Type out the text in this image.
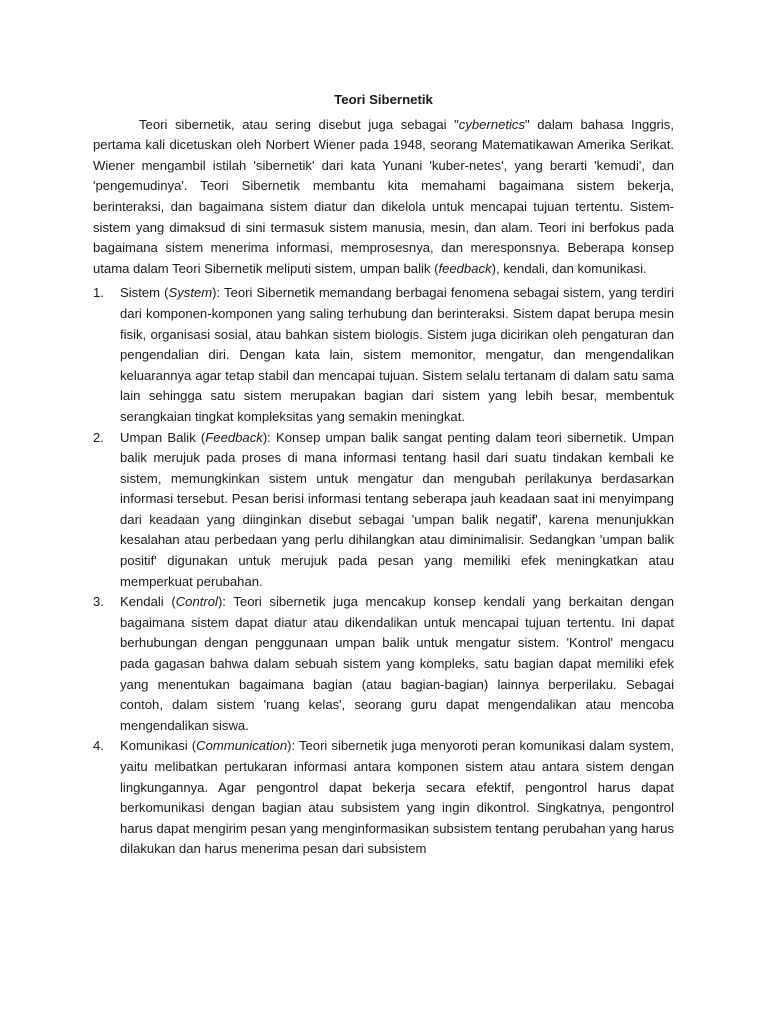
Teori Sibernetik

Teori sibernetik, atau sering disebut juga sebagai "cybernetics" dalam bahasa Inggris, pertama kali dicetuskan oleh Norbert Wiener pada 1948, seorang Matematikawan Amerika Serikat. Wiener mengambil istilah 'sibernetik' dari kata Yunani 'kuber-netes', yang berarti 'kemudi', dan 'pengemudinya'. Teori Sibernetik membantu kita memahami bagaimana sistem bekerja, berinteraksi, dan bagaimana sistem diatur dan dikelola untuk mencapai tujuan tertentu. Sistem-sistem yang dimaksud di sini termasuk sistem manusia, mesin, dan alam. Teori ini berfokus pada bagaimana sistem menerima informasi, memprosesnya, dan meresponsnya. Beberapa konsep utama dalam Teori Sibernetik meliputi sistem, umpan balik (feedback), kendali, dan komunikasi.

1. Sistem (System): Teori Sibernetik memandang berbagai fenomena sebagai sistem, yang terdiri dari komponen-komponen yang saling terhubung dan berinteraksi. Sistem dapat berupa mesin fisik, organisasi sosial, atau bahkan sistem biologis. Sistem juga dicirikan oleh pengaturan dan pengendalian diri. Dengan kata lain, sistem memonitor, mengatur, dan mengendalikan keluarannya agar tetap stabil dan mencapai tujuan. Sistem selalu tertanam di dalam satu sama lain sehingga satu sistem merupakan bagian dari sistem yang lebih besar, membentuk serangkaian tingkat kompleksitas yang semakin meningkat.
2. Umpan Balik (Feedback): Konsep umpan balik sangat penting dalam teori sibernetik. Umpan balik merujuk pada proses di mana informasi tentang hasil dari suatu tindakan kembali ke sistem, memungkinkan sistem untuk mengatur dan mengubah perilakunya berdasarkan informasi tersebut. Pesan berisi informasi tentang seberapa jauh keadaan saat ini menyimpang dari keadaan yang diinginkan disebut sebagai 'umpan balik negatif', karena menunjukkan kesalahan atau perbedaan yang perlu dihilangkan atau diminimalisir. Sedangkan 'umpan balik positif' digunakan untuk merujuk pada pesan yang memiliki efek meningkatkan atau memperkuat perubahan.
3. Kendali (Control): Teori sibernetik juga mencakup konsep kendali yang berkaitan dengan bagaimana sistem dapat diatur atau dikendalikan untuk mencapai tujuan tertentu. Ini dapat berhubungan dengan penggunaan umpan balik untuk mengatur sistem. 'Kontrol' mengacu pada gagasan bahwa dalam sebuah sistem yang kompleks, satu bagian dapat memiliki efek yang menentukan bagaimana bagian (atau bagian-bagian) lainnya berperilaku. Sebagai contoh, dalam sistem 'ruang kelas', seorang guru dapat mengendalikan atau mencoba mengendalikan siswa.
4. Komunikasi (Communication): Teori sibernetik juga menyoroti peran komunikasi dalam system, yaitu melibatkan pertukaran informasi antara komponen sistem atau antara sistem dengan lingkungannya. Agar pengontrol dapat bekerja secara efektif, pengontrol harus dapat berkomunikasi dengan bagian atau subsistem yang ingin dikontrol. Singkatnya, pengontrol harus dapat mengirim pesan yang menginformasikan subsistem tentang perubahan yang harus dilakukan dan harus menerima pesan dari subsistem
